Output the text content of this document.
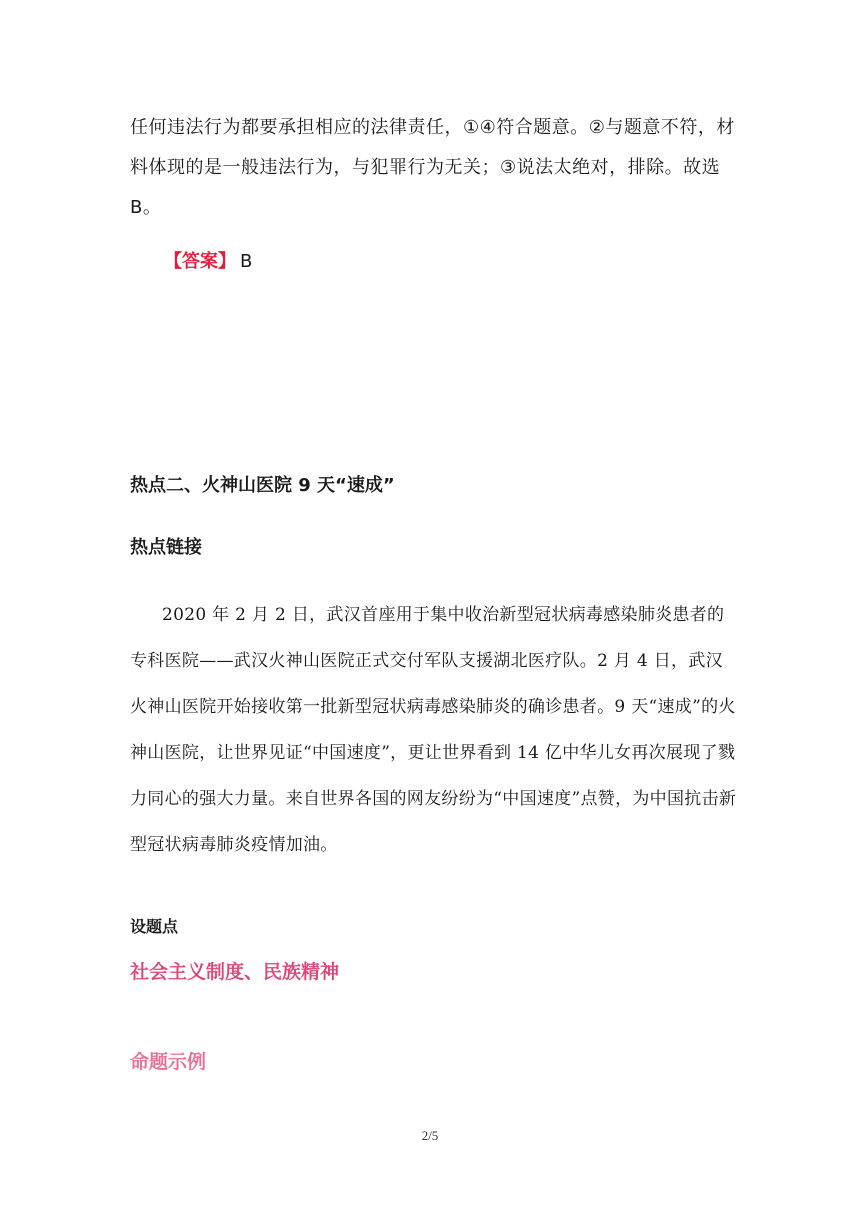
任何违法行为都要承担相应的法律责任，①④符合题意。②与题意不符，材料体现的是一般违法行为，与犯罪行为无关；③说法太绝对，排除。故选 B。

【答案】 B
热点二、火神山医院 9 天“速成”
热点链接

2020 年 2 月 2 日，武汉首座用于集中收治新型冠状病毒感染肺炎患者的专科医院——武汉火神山医院正式交付军队支援湖北医疗队。2 月 4 日，武汉火神山医院开始接收第一批新型冠状病毒感染肺炎的确诊患者。9 天“速成”的火神山医院，让世界见证“中国速度”，更让世界看到 14 亿中华儿女再次展现了戮力同心的强大力量。来自世界各国的网友纷纷为“中国速度”点赞，为中国抗击新型冠状病毒肺炎疫情加油。

设题点
社会主义制度、民族精神
命题示例
2/5
